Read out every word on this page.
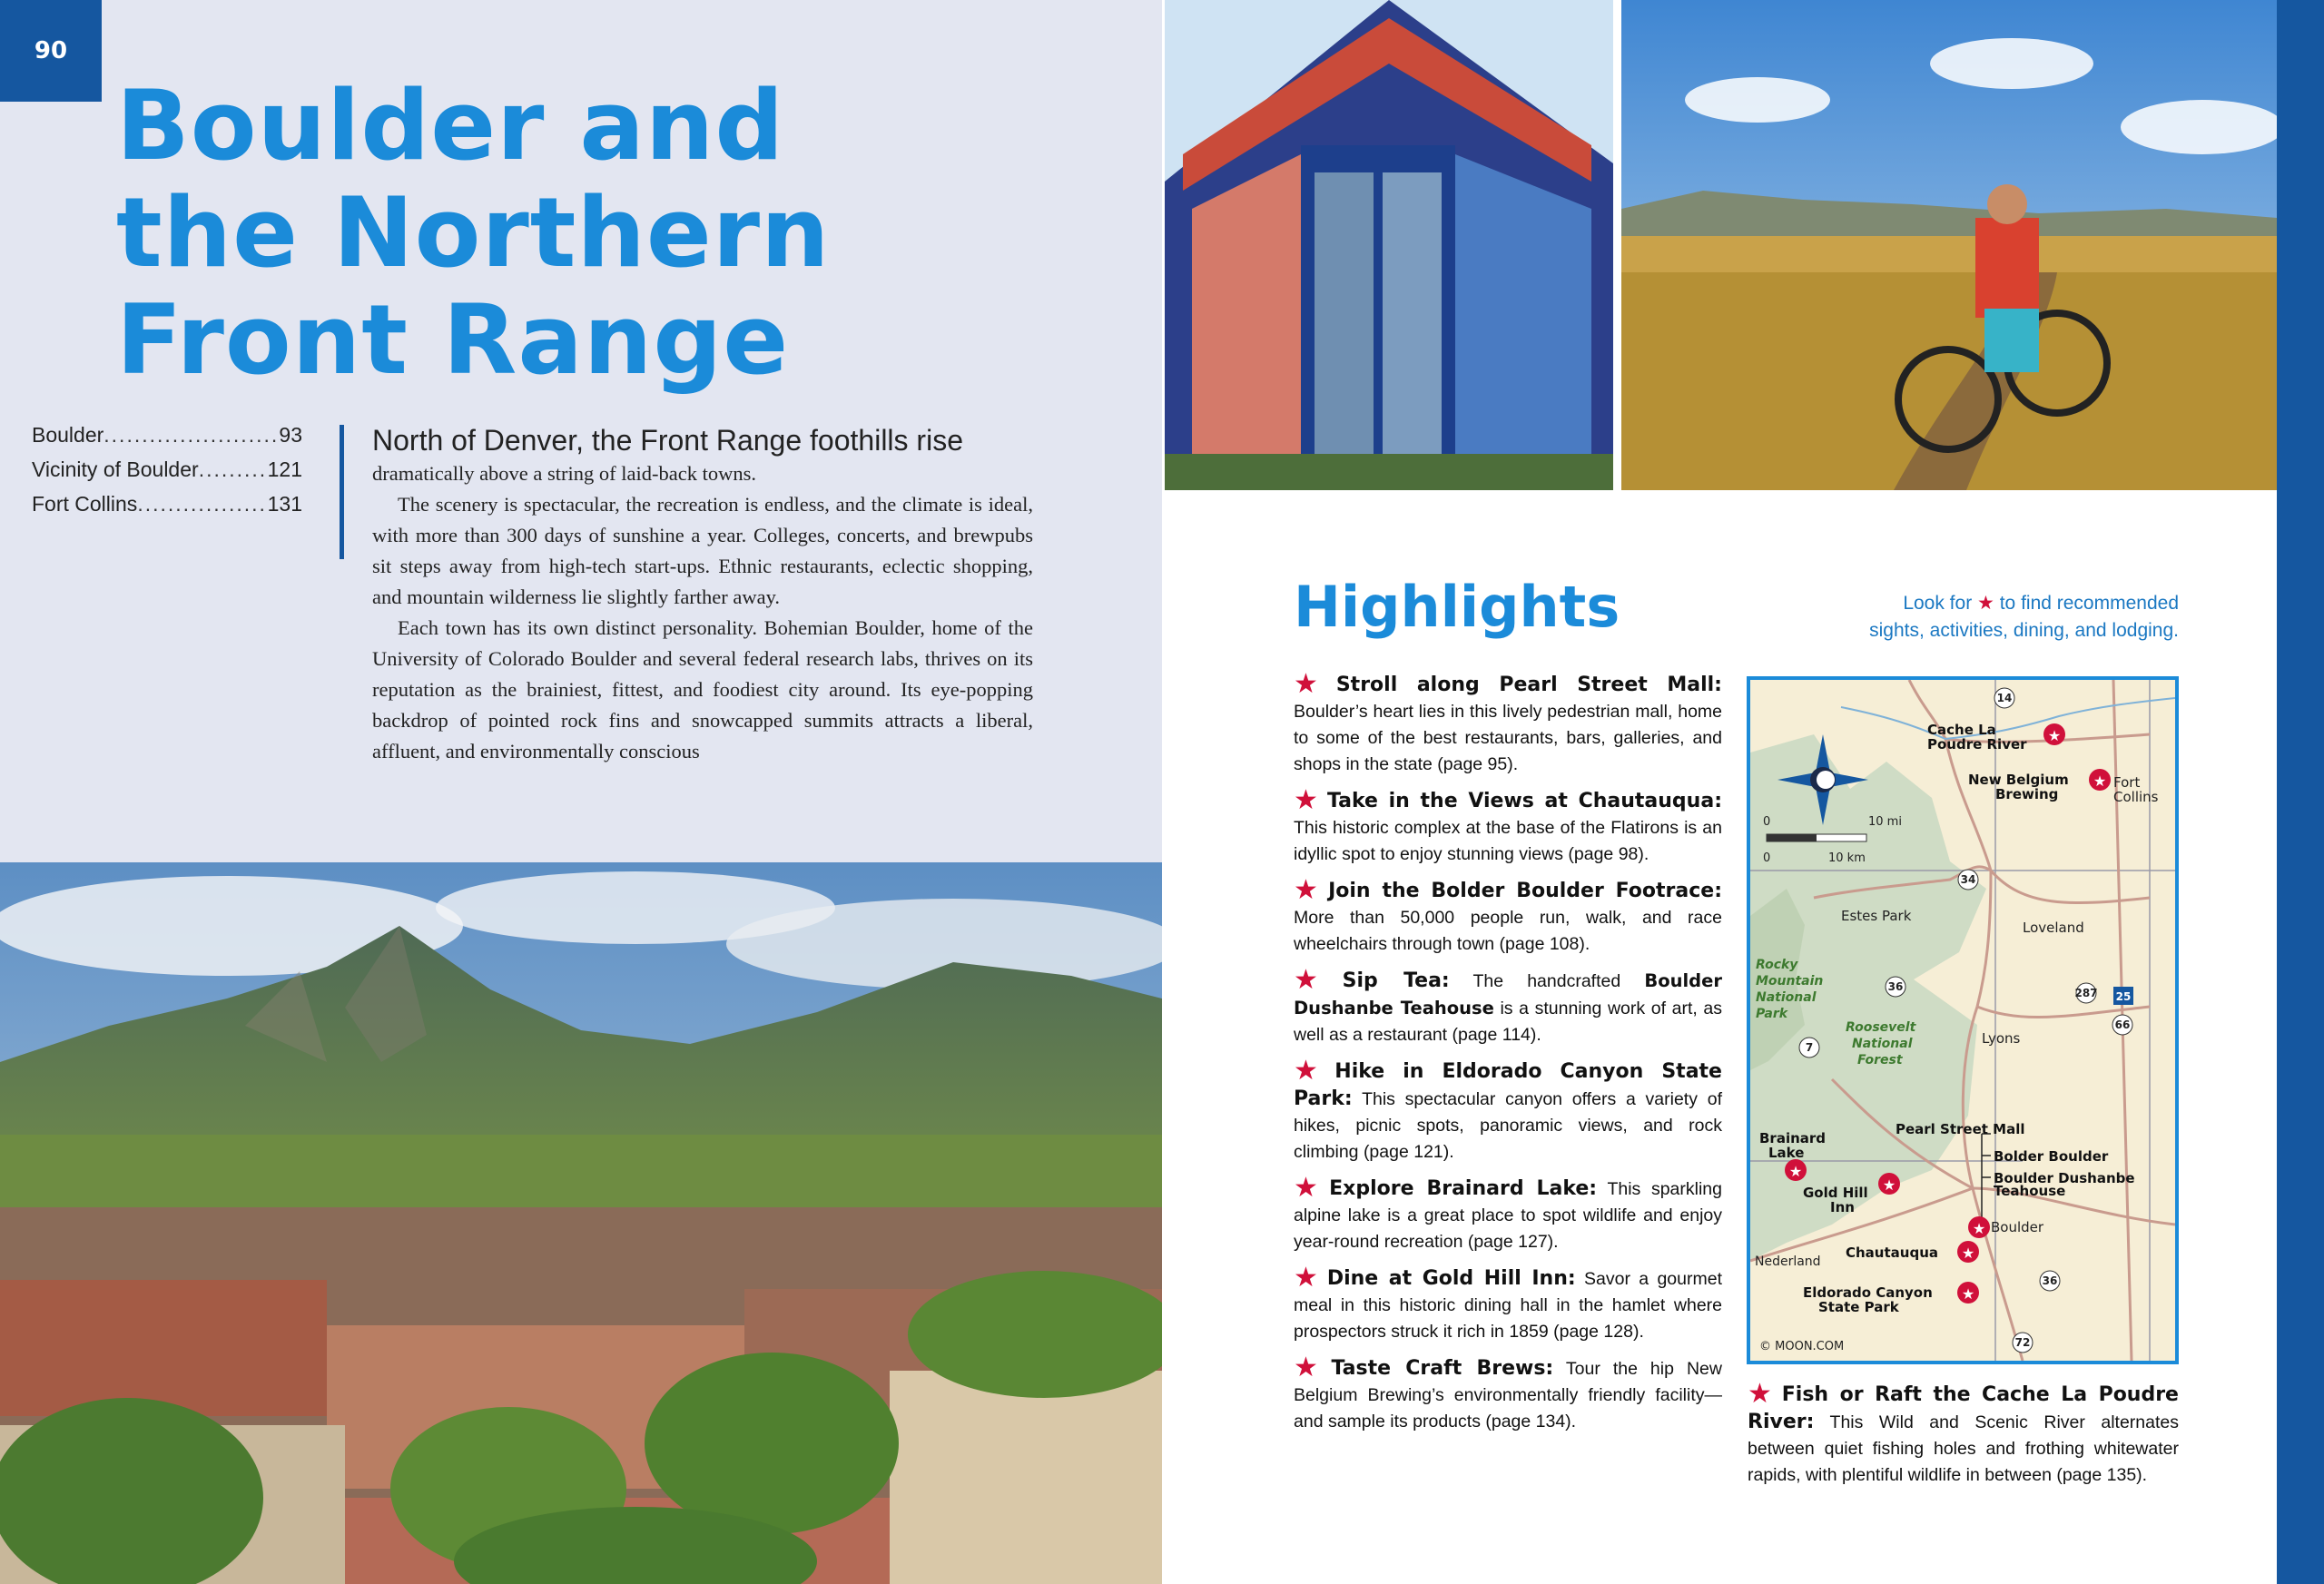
90
Boulder and
the Northern
Front Range
Boulder .....	93
Vicinity of Boulder .....	121
Fort Collins .....	131

North of Denver, the Front Range foothills rise
dramatically above a string of laid-back towns.

The scenery is spectacular, the recreation is endless, and the climate is ideal, with more than 300 days of sunshine a year. Colleges, concerts, and brewpubs sit steps away from high-tech start-ups. Ethnic restaurants, eclectic shopping, and mountain wilderness lie slightly farther away.

Each town has its own distinct personality. Bohemian Boulder, home of the University of Colorado Boulder and several federal research labs, thrives on its reputation as the brainiest, fittest, and foodiest city around. Its eye-popping backdrop of pointed rock fins and snowcapped summits attracts a liberal, affluent, and environmentally conscious

Highlights	Look for ★ to find recommended
sights, activities, dining, and lodging.
★ Stroll along Pearl Street Mall: Boulder’s heart lies in this lively pedestrian mall, home to some of the best restaurants, bars, galleries, and shops in the state (page 95).
★ Take in the Views at Chautauqua: This historic complex at the base of the Flatirons is an idyllic spot to enjoy stunning views (page 98).
★ Join the Bolder Boulder Footrace: More than 50,000 people run, walk, and race wheelchairs through town (page 108).
★ Sip Tea: The handcrafted Boulder Dushanbe Teahouse is a stunning work of art, as well as a restaurant (page 114).
★ Hike in Eldorado Canyon State Park: This spectacular canyon offers a variety of hikes, picnic spots, panoramic views, and rock climbing (page 121).
★ Explore Brainard Lake: This sparkling alpine lake is a great place to spot wildlife and enjoy year-round recreation (page 127).
★ Dine at Gold Hill Inn: Savor a gourmet meal in this historic dining hall in the hamlet where prospectors struck it rich in 1859 (page 128).
★ Taste Craft Brews: Tour the hip New Belgium Brewing’s environmentally friendly facility—and sample its products (page 134).
0	10 mi
0	10 km
14
34
36	287 25
66
7
36
72
★
★
★
★
★
★
★
Cache La
Poudre River
New Belgium
Brewing
Pearl Street Mall
Bolder Boulder
Boulder Dushanbe
Teahouse
Brainard
Lake
Gold Hill
Inn
Chautauqua
Eldorado Canyon
State Park
Fort
Collins
Estes Park
Loveland
Lyons
Boulder
Nederland
© MOON.COM
Rocky
Mountain
National
Park
Roosevelt
National
Forest
★ Fish or Raft the Cache La Poudre River: This Wild and Scenic River alternates between quiet fishing holes and frothing whitewater rapids, with plentiful wildlife in between (page 135).
